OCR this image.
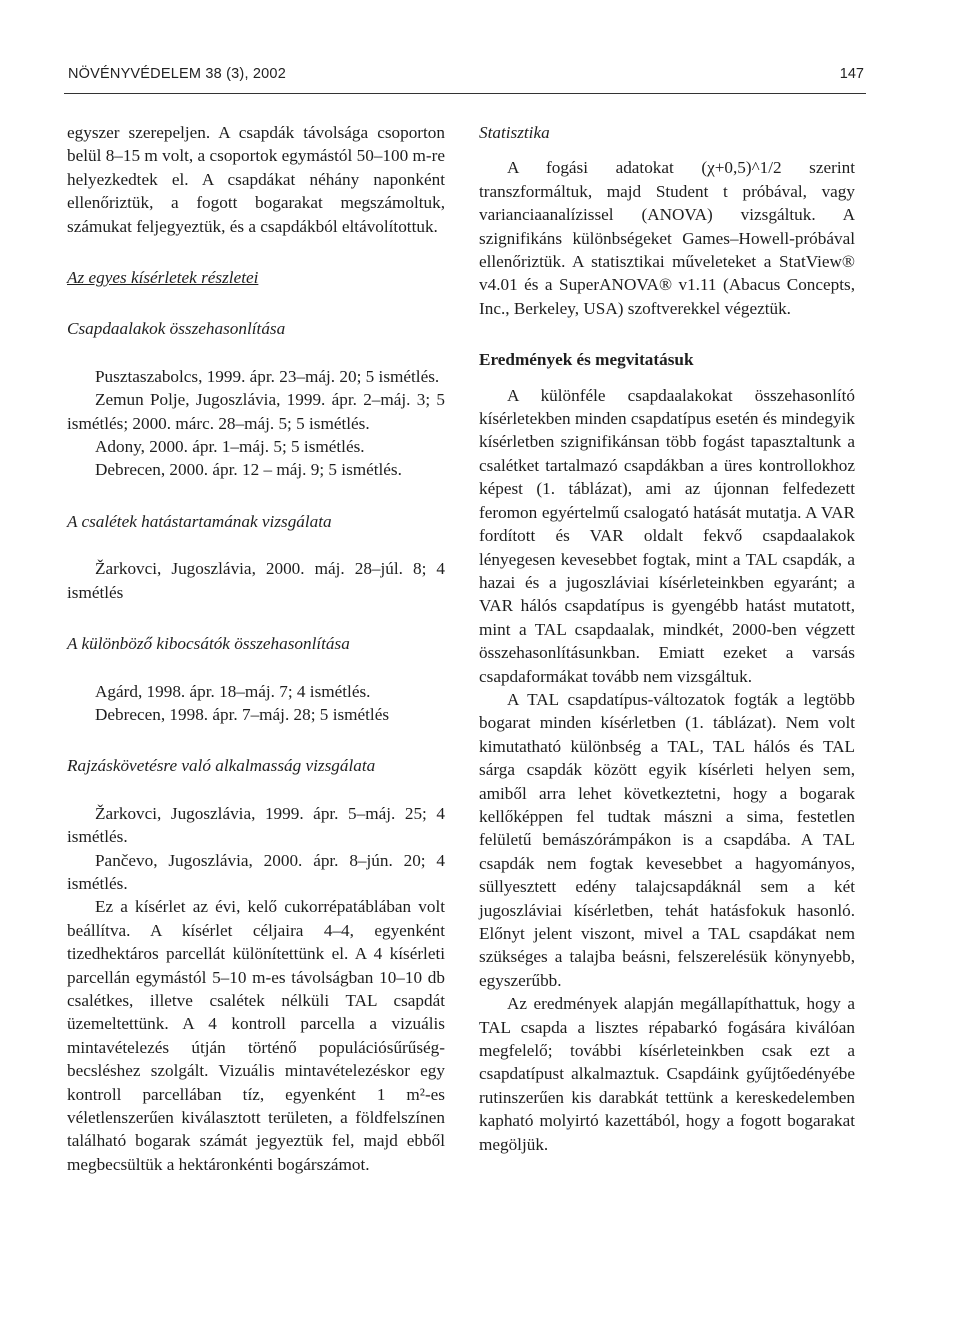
NÖVÉNYVÉDELEM 38 (3), 2002	147

egyszer szerepeljen. A csapdák távolsága csoporton belül 8–15 m volt, a csoportok egymástól 50–100 m-re helyezkedtek el. A csapdákat néhány naponként ellenőriztük, a fogott bogarakat megszámoltuk, számukat feljegyeztük, és a csapdákból eltávolítottuk.

Az egyes kísérletek részletei

Csapdaalakok összehasonlítása

Pusztaszabolcs, 1999. ápr. 23–máj. 20; 5 ismétlés.

Zemun Polje, Jugoszlávia, 1999. ápr. 2–máj. 3; 5 ismétlés; 2000. márc. 28–máj. 5; 5 ismétlés.

Adony, 2000. ápr. 1–máj. 5; 5 ismétlés.

Debrecen, 2000. ápr. 12 – máj. 9; 5 ismétlés.

A csalétek hatástartamának vizsgálata

Žarkovci, Jugoszlávia, 2000. máj. 28–júl. 8; 4 ismétlés

A különböző kibocsátók összehasonlítása

Agárd, 1998. ápr. 18–máj. 7; 4 ismétlés.

Debrecen, 1998. ápr. 7–máj. 28; 5 ismétlés

Rajzáskövetésre való alkalmasság vizsgálata

Žarkovci, Jugoszlávia, 1999. ápr. 5–máj. 25; 4 ismétlés.

Pančevo, Jugoszlávia, 2000. ápr. 8–jún. 20; 4 ismétlés.

Ez a kísérlet az évi, kelő cukorrépatáblában volt beállítva. A kísérlet céljaira 4–4, egyenként tizedhektáros parcellát különítettünk el. A 4 kísérleti parcellán egymástól 5–10 m-es távolságban 10–10 db csalétkes, illetve csalétek nélküli TAL csapdát üzemeltettünk. A 4 kontroll parcella a vizuális mintavételezés útján történő populációsűrűség-becsléshez szolgált. Vizuális mintavételezéskor egy kontroll parcellában tíz, egyenként 1 m²-es véletlenszerűen kiválasztott területen, a földfelszínen található bogarak számát jegyeztük fel, majd ebből megbecsültük a hektáronkénti bogárszámot.

Statisztika

A fogási adatokat (χ+0,5)^1/2 szerint transzformáltuk, majd Student t próbával, vagy varianciaanalízissel (ANOVA) vizsgáltuk. A szignifikáns különbségeket Games–Howell-próbával ellenőriztük. A statisztikai műveleteket a StatView® v4.01 és a SuperANOVA® v1.11 (Abacus Concepts, Inc., Berkeley, USA) szoftverekkel végeztük.

Eredmények és megvitatásuk

A különféle csapdaalakokat összehasonlító kísérletekben minden csapdatípus esetén és mindegyik kísérletben szignifikánsan több fogást tapasztaltunk a csalétket tartalmazó csapdákban a üres kontrollokhoz képest (1. táblázat), ami az újonnan felfedezett feromon egyértelmű csalogató hatását mutatja. A VAR fordított és VAR oldalt fekvő csapdaalakok lényegesen kevesebbet fogtak, mint a TAL csapdák, a hazai és a jugoszláviai kísérleteinkben egyaránt; a VAR hálós csapdatípus is gyengébb hatást mutatott, mint a TAL csapdaalak, mindkét, 2000-ben végzett összehasonlításunkban. Emiatt ezeket a varsás csapdaformákat tovább nem vizsgáltuk.

A TAL csapdatípus-változatok fogták a legtöbb bogarat minden kísérletben (1. táblázat). Nem volt kimutatható különbség a TAL, TAL hálós és TAL sárga csapdák között egyik kísérleti helyen sem, amiből arra lehet következtetni, hogy a bogarak kellőképpen fel tudtak mászni a sima, festetlen felületű bemászórámpákon is a csapdába. A TAL csapdák nem fogtak kevesebbet a hagyományos, süllyesztett edény talajcsapdáknál sem a két jugoszláviai kísérletben, tehát hatásfokuk hasonló. Előnyt jelent viszont, mivel a TAL csapdákat nem szükséges a talajba beásni, felszerelésük könynyebb, egyszerűbb.

Az eredmények alapján megállapíthattuk, hogy a TAL csapda a lisztes répabarkó fogására kiválóan megfelelő; további kísérleteinkben csak ezt a csapdatípust alkalmaztuk. Csapdáink gyűjtőedényébe rutinszerűen kis darabkát tettünk a kereskedelemben kapható molyirtó kazettából, hogy a fogott bogarakat megöljük.
